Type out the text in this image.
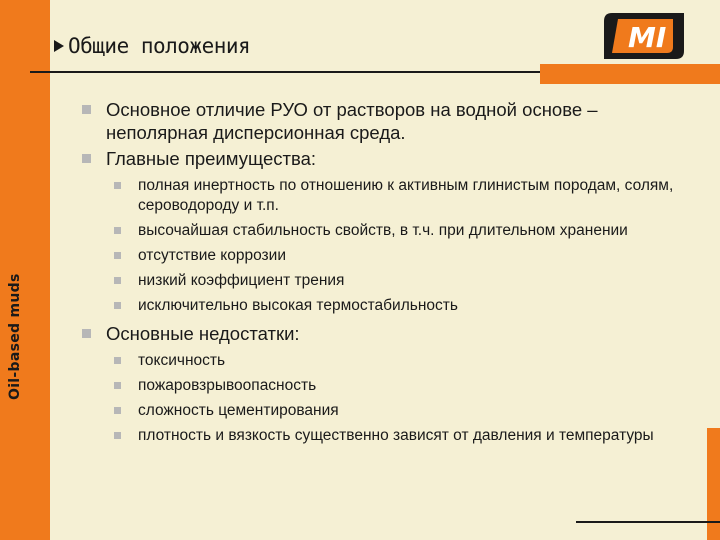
Oil-based muds
Общие положения	MI
Основное отличие РУО от растворов на водной основе – неполярная дисперсионная среда.
Главные преимущества:
полная инертность по отношению к активным глинистым породам, солям, сероводороду и т.п.
высочайшая стабильность свойств, в т.ч. при длительном хранении
отсутствие коррозии
низкий коэффициент трения
исключительно высокая термостабильность
Основные недостатки:
токсичность
пожаровзрывоопасность
сложность цементирования
плотность и вязкость существенно зависят от давления и температуры
